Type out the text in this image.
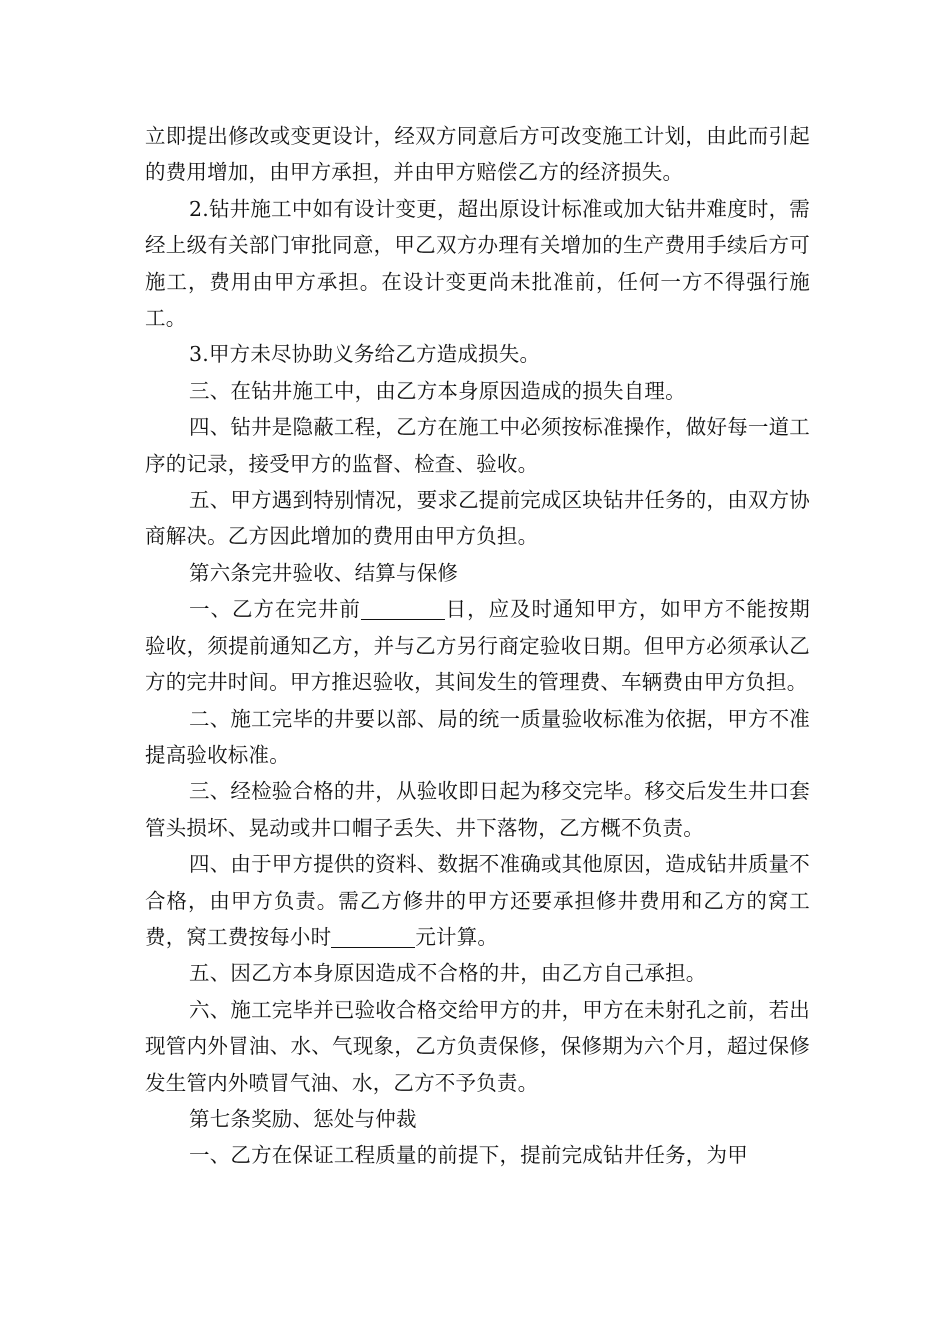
立即提出修改或变更设计，经双方同意后方可改变施工计划，由此而引起的费用增加，由甲方承担，并由甲方赔偿乙方的经济损失。

2.钻井施工中如有设计变更，超出原设计标准或加大钻井难度时，需经上级有关部门审批同意，甲乙双方办理有关增加的生产费用手续后方可施工，费用由甲方承担。在设计变更尚未批准前，任何一方不得强行施工。

3.甲方未尽协助义务给乙方造成损失。

三、在钻井施工中，由乙方本身原因造成的损失自理。

四、钻井是隐蔽工程，乙方在施工中必须按标准操作，做好每一道工序的记录，接受甲方的监督、检查、验收。

五、甲方遇到特别情况，要求乙提前完成区块钻井任务的，由双方协商解决。乙方因此增加的费用由甲方负担。

第六条完井验收、结算与保修

一、乙方在完井前	日，应及时通知甲方，如甲方不能按期验收，须提前通知乙方，并与乙方另行商定验收日期。但甲方必须承认乙方的完井时间。甲方推迟验收，其间发生的管理费、车辆费由甲方负担。

二、施工完毕的井要以部、局的统一质量验收标准为依据，甲方不准提高验收标准。

三、经检验合格的井，从验收即日起为移交完毕。移交后发生井口套管头损坏、晃动或井口帽子丢失、井下落物，乙方概不负责。

四、由于甲方提供的资料、数据不准确或其他原因，造成钻井质量不合格，由甲方负责。需乙方修井的甲方还要承担修井费用和乙方的窝工费，窝工费按每小时	元计算。

五、因乙方本身原因造成不合格的井，由乙方自己承担。

六、施工完毕并已验收合格交给甲方的井，甲方在未射孔之前，若出现管内外冒油、水、气现象，乙方负责保修，保修期为六个月，超过保修发生管内外喷冒气油、水，乙方不予负责。

第七条奖励、惩处与仲裁

一、乙方在保证工程质量的前提下，提前完成钻井任务，为甲
